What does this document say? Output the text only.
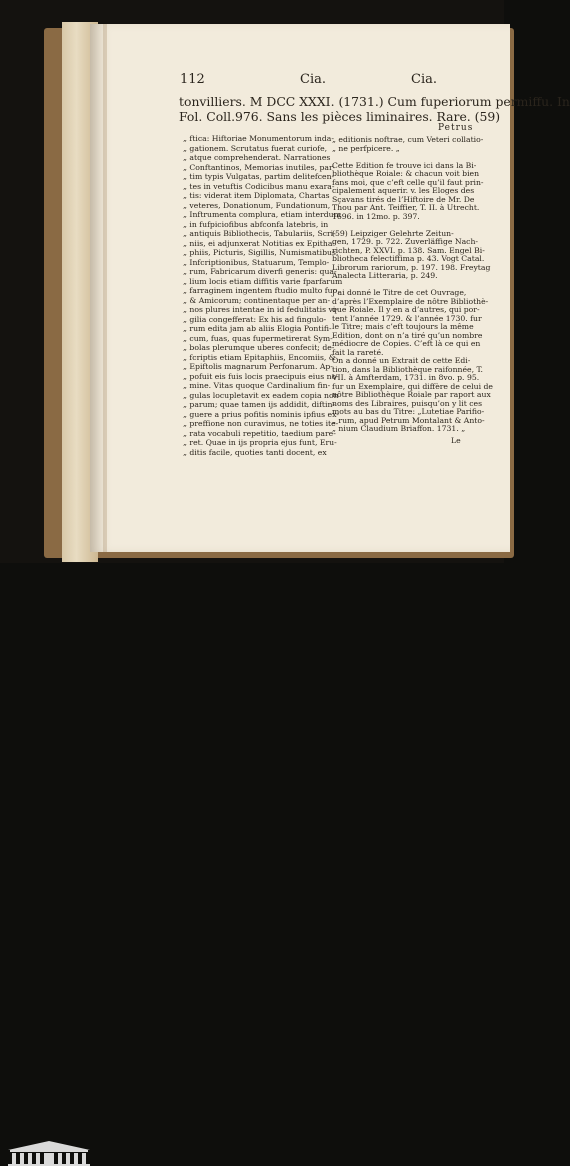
112	Cia.	Cia.
tonvilliers. M DCC XXXI. (1731.) Cum fuperiorum permiffu. In
Fol. Coll.976. Sans les pièces liminaires. Rare. (59)
Petrus
„ ftica: Hiftoriae Monumentorum inda-
„ gationem. Scrutatus fuerat curiofe,
„ atque comprehenderat. Narrationes
„ Conftantinos, Memorias inutiles, par-
„ tim typis Vulgatas, partim delitefcen-
„ tes in vetuftis Codicibus manu exara-
„ tis: viderat item Diplomata, Chartas
„ veteres, Donationum, Fundationum,
„ Inftrumenta complura, etiam interdum
„ in fufpiciofibus abfconfa latebris, in
„ antiquis Bibliothecis, Tabulariis, Scri-
„ niis, ei adjunxerat Notitias ex Epitha-
„ phiis, Picturis, Sigillis, Numismatibus,
„ Infcriptionibus, Statuarum, Templo-
„ rum, Fabricarum diverfi generis: qua-
„ lium locis etiam diffitis varie fparfarum
„ farraginem ingentem ftudio multo fuo,
„ & Amicorum; continentaque per an-
„ nos plures intentae in id fedulitatis vi-
„ gilia congefferat: Ex his ad fingulo-
„ rum edita jam ab aliis Elogia Pontifi-
„ cum, fuas, quas fupermetirerat Sym-
„ bolas plerumque uberes confecit; de-
„ fcriptis etiam Epitaphiis, Encomiis, &
„ Epiftolis magnarum Perfonarum. Ap-
„ pofuit eis fuis locis praecipuis eius no-
„ mine. Vitas quoque Cardinalium fin-
„ gulas locupletavit ex eadem copia non
„ parum; quae tamen ijs addidit, diftin-
„ guere a prius pofitis nominis ipfius ex-
„ preffione non curavimus, ne toties ite-
„ rata vocabuli repetitio, taedium pare-
„ ret. Quae in ijs propria ejus funt, Eru-
„ ditis facile, quoties tanti docent, ex
„ editionis noftrae, cum Veteri collatio-
„ ne perfpicere. „
Cette Edition fe trouve ici dans la Bi-
bliothèque Roiale: & chacun voit bien
fans moi, que c’eft celle qu’il faut prin-
cipalement aquerir. v. les Eloges des
Sçavans tirés de l’Hiftoire de Mr. De
Thou par Ant. Teiffier, T. II. à Utrecht.
1696. in 12mo. p. 397.
(59) Leipziger Gelehrte Zeitun-
gen, 1729. p. 722. Zuverläffige Nach-
richten, P. XXVI. p. 138. Sam. Engel Bi-
bliotheca felectiffima p. 43. Vogt Catal.
Librorum rariorum, p. 197. 198. Freytag
Analecta Litteraria, p. 249.
J’ai donné le Titre de cet Ouvrage,
d’après l’Exemplaire de nôtre Bibliothè-
que Roiale. Il y en a d’autres, qui por-
tent l’année 1729. & l’année 1730. fur
le Titre; mais c’eft toujours la même
Edition, dont on n’a tiré qu’un nombre
médiocre de Copies. C’eft là ce qui en
fait la rareté.
On a donné un Extrait de cette Edi-
tion, dans la Bibliothèque raifonnée, T.
VII. à Amfterdam, 1731. in 8vo. p. 95.
fur un Exemplaire, qui diffère de celui de
nôtre Bibliothèque Roiale par raport aux
noms des Libraires, puisqu’on y lit ces
mots au bas du Titre: „Lutetiae Parifio-
„ rum, apud Petrum Montalant & Anto-
„ nium Claudium Briaffon. 1731. „
Le
